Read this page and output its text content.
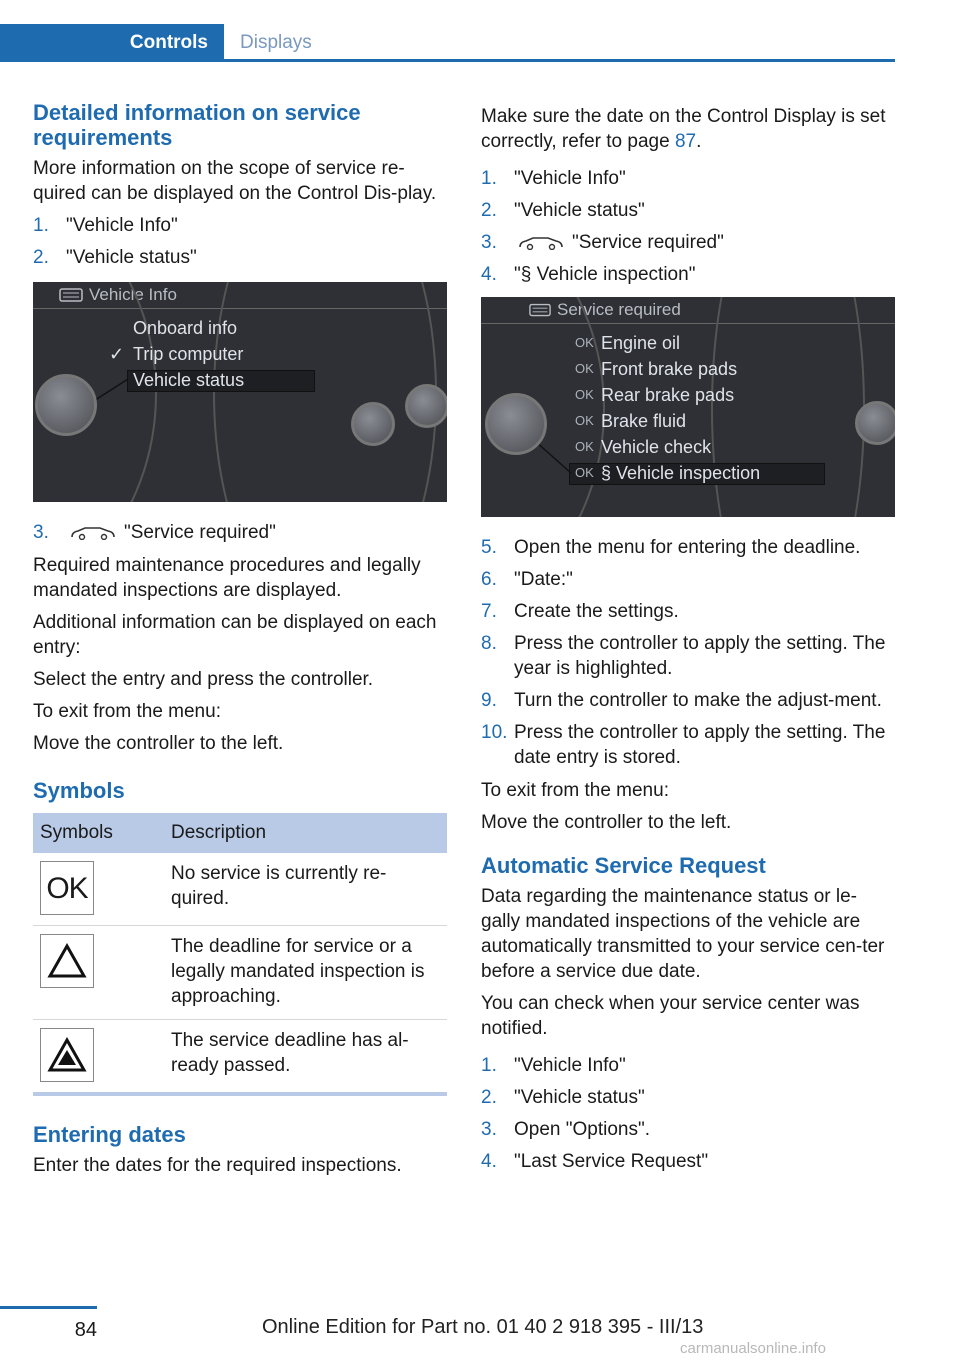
Controls	Displays
Detailed information on service requirements

More information on the scope of service re-quired can be displayed on the Control Dis-play.

1. "Vehicle Info"
2. "Vehicle status"
Vehicle Info
Onboard info
✓ Trip computer
Vehicle status
3.	"Service required"

Required maintenance procedures and legally mandated inspections are displayed.

Additional information can be displayed on each entry:

Select the entry and press the controller.

To exit from the menu:

Move the controller to the left.

Symbols
Symbols	Description

OK	No service is currently re-quired.

	The deadline for service or a legally mandated inspection is approaching.

	The service deadline has al-ready passed.
Entering dates

Enter the dates for the required inspections.

Make sure the date on the Control Display is set correctly, refer to page 87.

1. "Vehicle Info"
2. "Vehicle status"
3.	"Service required"
4. "§ Vehicle inspection"
Service required
OK Engine oil
OK Front brake pads
OK Rear brake pads
OK Brake fluid
OK Vehicle check
OK § Vehicle inspection
5. Open the menu for entering the deadline.
6. "Date:"
7. Create the settings.
8. Press the controller to apply the setting. The year is highlighted.
9. Turn the controller to make the adjust-ment.
10. Press the controller to apply the setting. The date entry is stored.

To exit from the menu:

Move the controller to the left.

Automatic Service Request

Data regarding the maintenance status or le-gally mandated inspections of the vehicle are automatically transmitted to your service cen-ter before a service due date.

You can check when your service center was notified.

1. "Vehicle Info"
2. "Vehicle status"
3. Open "Options".
4. "Last Service Request"
84	Online Edition for Part no. 01 40 2 918 395 - III/13
carmanualsonline.info
